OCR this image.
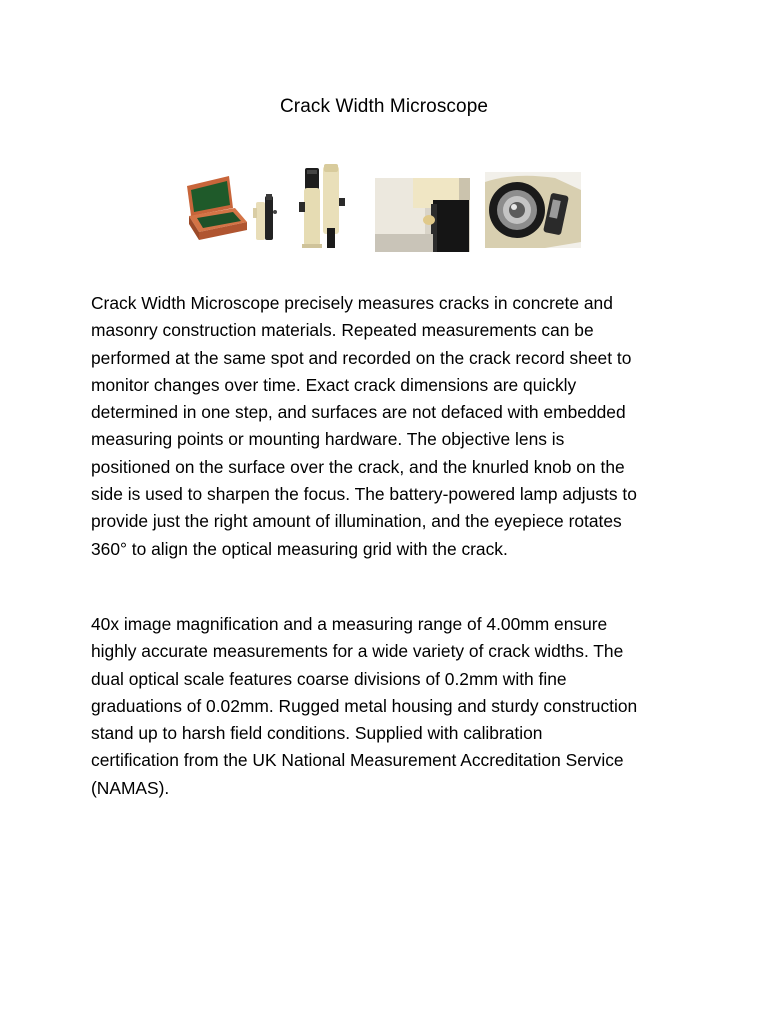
Crack Width Microscope

Crack Width Microscope precisely measures cracks in concrete and
masonry construction materials. Repeated measurements can be
performed at the same spot and recorded on the crack record sheet to
monitor changes over time. Exact crack dimensions are quickly
determined in one step, and surfaces are not defaced with embedded
measuring points or mounting hardware. The objective lens is
positioned on the surface over the crack, and the knurled knob on the
side is used to sharpen the focus. The battery-powered lamp adjusts to
provide just the right amount of illumination, and the eyepiece rotates
360° to align the optical measuring grid with the crack.

40x image magnification and a measuring range of 4.00mm ensure
highly accurate measurements for a wide variety of crack widths. The
dual optical scale features coarse divisions of 0.2mm with fine
graduations of 0.02mm. Rugged metal housing and sturdy construction
stand up to harsh field conditions. Supplied with calibration
certification from the UK National Measurement Accreditation Service
(NAMAS).
